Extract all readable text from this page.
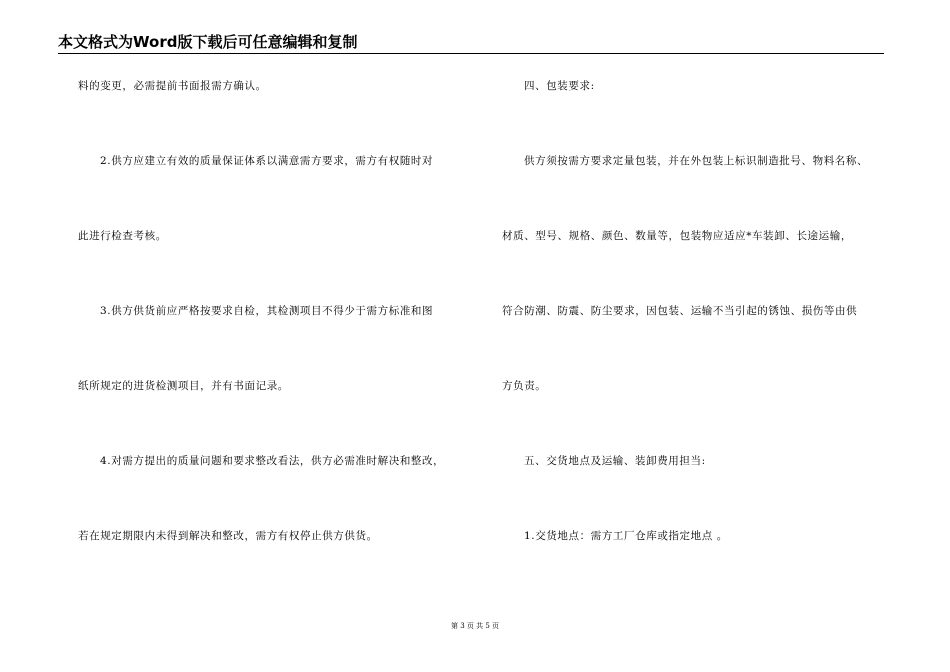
本文格式为Word版下载后可任意编辑和复制
料的变更，必需提前书面报需方确认。
2.供方应建立有效的质量保证体系以满意需方要求，需方有权随时对
此进行检查考核。
3.供方供货前应严格按要求自检，其检测项目不得少于需方标准和图
纸所规定的进货检测项目，并有书面记录。
4.对需方提出的质量问题和要求整改看法，供方必需准时解决和整改，
若在规定期限内未得到解决和整改，需方有权停止供方供货。
四、包装要求:
供方须按需方要求定量包装，并在外包装上标识制造批号、物料名称、
材质、型号、规格、颜色、数量等，包装物应适应*车装卸、长途运输，
符合防潮、防震、防尘要求，因包装、运输不当引起的锈蚀、损伤等由供
方负责。
五、交货地点及运输、装卸费用担当:
1.交货地点：需方工厂仓库或指定地点 。
第 3 页 共 5 页
